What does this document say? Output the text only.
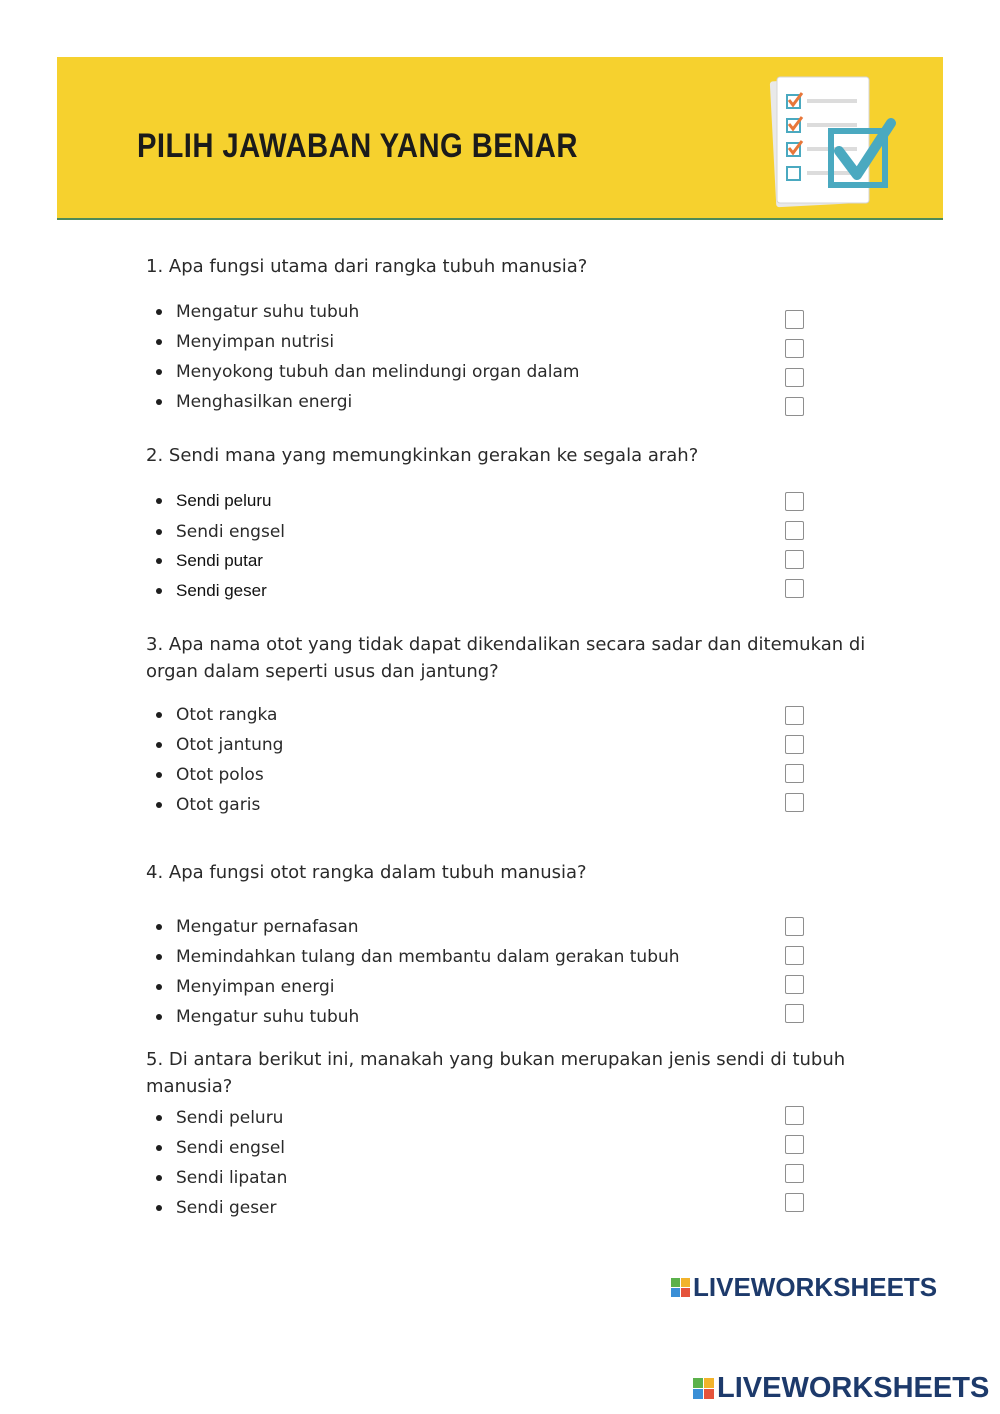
PILIH JAWABAN YANG BENAR
1. Apa fungsi utama dari rangka tubuh manusia?
Mengatur suhu tubuh
Menyimpan nutrisi
Menyokong tubuh dan melindungi organ dalam
Menghasilkan energi
2. Sendi mana yang memungkinkan gerakan ke segala arah?
Sendi peluru
Sendi engsel
Sendi putar
Sendi geser
3. Apa nama otot yang tidak dapat dikendalikan secara sadar dan ditemukan di organ dalam seperti usus dan jantung?
Otot rangka
Otot jantung
Otot polos
Otot garis
4. Apa fungsi otot rangka dalam tubuh manusia?
Mengatur pernafasan
Memindahkan tulang dan membantu dalam gerakan tubuh
Menyimpan energi
Mengatur suhu tubuh
5. Di antara berikut ini, manakah yang bukan merupakan jenis sendi di tubuh manusia?
Sendi peluru
Sendi engsel
Sendi lipatan
Sendi geser
LIVEWORKSHEETS
LIVEWORKSHEETS
